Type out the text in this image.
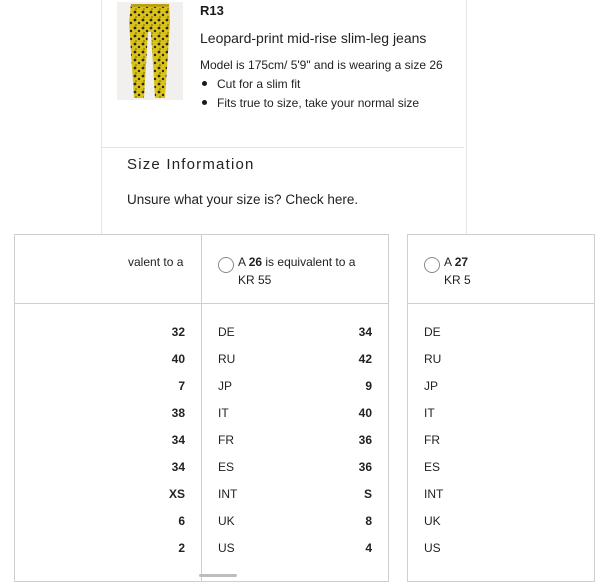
R13
Leopard-print mid-rise slim-leg jeans
Model is 175cm/ 5'9" and is wearing a size 26
Cut for a slim fit
Fits true to size, take your normal size
Size Information
Unsure what your size is? Check here.
valent to a
32
40
7
38
34
34
XS
6
2
A 26 is equivalent to a
KR 55
DE	34
RU	42
JP	9
IT	40
FR	36
ES	36
INT	S
UK	8
US	4
A 27
KR 5
DE
RU
JP
IT
FR
ES
INT
UK
US
